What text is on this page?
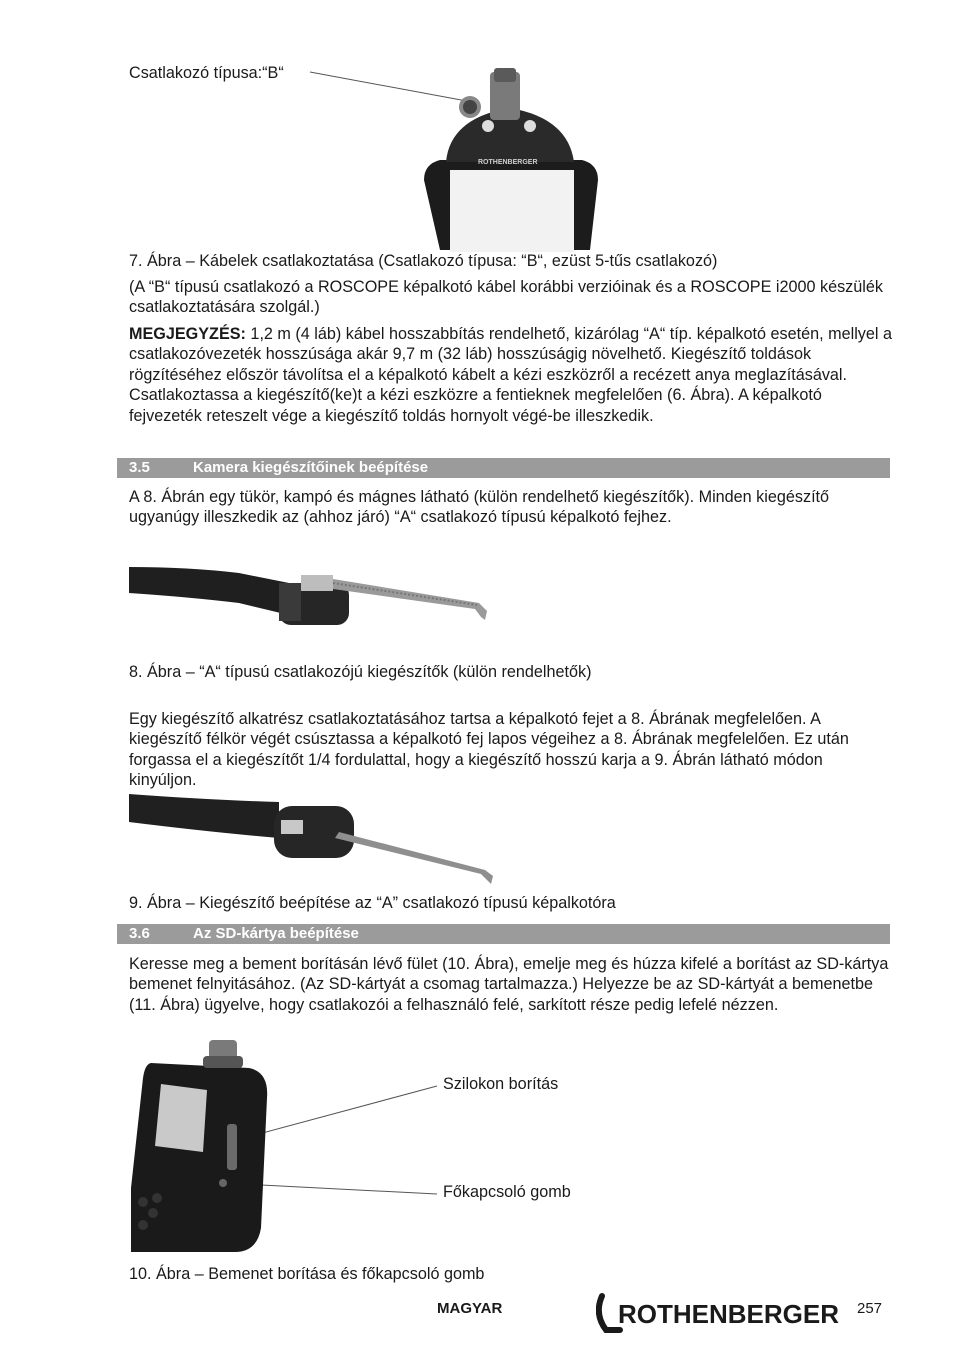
Csatlakozó típusa:“B“
ROTHENBERGER
7. Ábra – Kábelek csatlakoztatása (Csatlakozó típusa: “B“, ezüst 5-tűs csatlakozó)

(A “B“ típusú csatlakozó a ROSCOPE képalkotó kábel korábbi verzióinak és a ROSCOPE i2000 készülék csatlakoztatására szolgál.)

MEGJEGYZÉS: 1,2 m (4 láb) kábel hosszabbítás rendelhető, kizárólag “A“ típ. képalkotó esetén, mellyel a csatlakozóvezeték hosszúsága akár 9,7 m (32 láb) hosszúságig növelhető. Kiegészítő toldások rögzítéséhez először távolítsa el a képalkotó kábelt a kézi eszközről a recézett anya meglazításával. Csatlakoztassa a kiegészítő(ke)t a kézi eszközre a fentieknek megfelelően (6. Ábra). A képalkotó fejvezeték reteszelt vége a kiegészítő toldás hornyolt végé-be illeszkedik.

3.5	Kamera kiegészítőinek beépítése

A 8. Ábrán egy tükör, kampó és mágnes látható (külön rendelhető kiegészítők). Minden kiegészítő ugyanúgy illeszkedik az (ahhoz járó) “A“ csatlakozó típusú képalkotó fejhez.

8. Ábra – “A“ típusú csatlakozójú kiegészítők (külön rendelhetők)

Egy kiegészítő alkatrész csatlakoztatásához tartsa a képalkotó fejet a 8. Ábrának megfelelően. A kiegészítő félkör végét csúsztassa a képalkotó fej lapos végeihez a 8. Ábrának megfelelően. Ez után forgassa el a kiegészítőt 1/4 fordulattal, hogy a kiegészítő hosszú karja a 9. Ábrán látható módon kinyúljon.

9. Ábra – Kiegészítő beépítése az “A” csatlakozó típusú képalkotóra
3.6	Az SD-kártya beépítése

Keresse meg a bement borításán lévő fület (10. Ábra), emelje meg és húzza kifelé a borítást az SD-kártya bemenet felnyitásához. (Az SD-kártyát a csomag tartalmazza.) Helyezze be az SD-kártyát a bemenetbe (11. Ábra) ügyelve, hogy csatlakozói a felhasználó felé, sarkított része pedig lefelé nézzen.

Szilokon borítás
Főkapcsoló gomb
10. Ábra – Bemenet borítása és főkapcsoló gomb
MAGYAR	ROTHENBERGER 257
